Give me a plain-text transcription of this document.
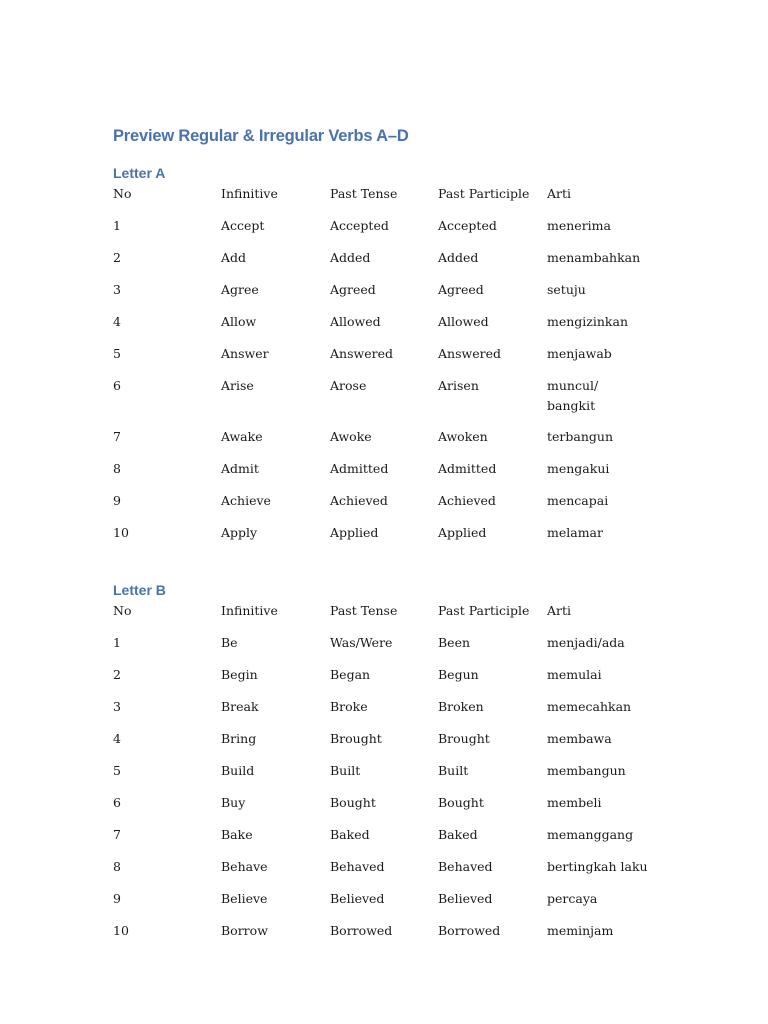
Preview Regular & Irregular Verbs A–D
Letter A
No	Infinitive	Past Tense	Past Participle	Arti
1	Accept	Accepted	Accepted	menerima
2	Add	Added	Added	menambahkan
3	Agree	Agreed	Agreed	setuju
4	Allow	Allowed	Allowed	mengizinkan
5	Answer	Answered	Answered	menjawab
6	Arise	Arose	Arisen	muncul/
bangkit

7	Awake	Awoke	Awoken	terbangun
8	Admit	Admitted	Admitted	mengakui
9	Achieve	Achieved	Achieved	mencapai
10	Apply	Applied	Applied	melamar
Letter B
No	Infinitive	Past Tense	Past Participle	Arti
1	Be	Was/Were	Been	menjadi/ada
2	Begin	Began	Begun	memulai
3	Break	Broke	Broken	memecahkan
4	Bring	Brought	Brought	membawa
5	Build	Built	Built	membangun
6	Buy	Bought	Bought	membeli
7	Bake	Baked	Baked	memanggang
8	Behave	Behaved	Behaved	bertingkah laku
9	Believe	Believed	Believed	percaya
10	Borrow	Borrowed	Borrowed	meminjam
